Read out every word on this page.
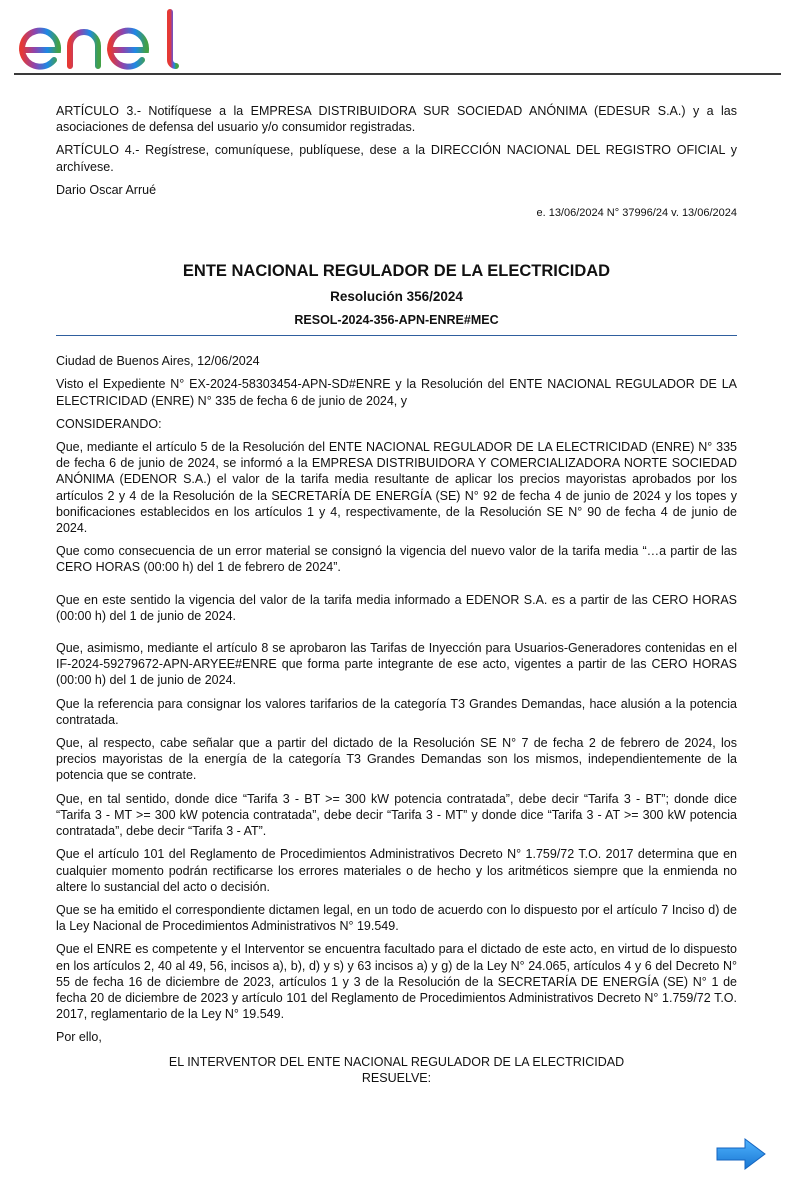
ARTÍCULO 3.- Notifíquese a la EMPRESA DISTRIBUIDORA SUR SOCIEDAD ANÓNIMA (EDESUR S.A.) y a las asociaciones de defensa del usuario y/o consumidor registradas.

ARTÍCULO 4.- Regístrese, comuníquese, publíquese, dese a la DIRECCIÓN NACIONAL DEL REGISTRO OFICIAL y archívese.

Dario Oscar Arrué

e. 13/06/2024 N° 37996/24 v. 13/06/2024

ENTE NACIONAL REGULADOR DE LA ELECTRICIDAD

Resolución 356/2024

RESOL-2024-356-APN-ENRE#MEC

Ciudad de Buenos Aires, 12/06/2024

Visto el Expediente N° EX-2024-58303454-APN-SD#ENRE y la Resolución del ENTE NACIONAL REGULADOR DE LA ELECTRICIDAD (ENRE) N° 335 de fecha 6 de junio de 2024, y

CONSIDERANDO:

Que, mediante el artículo 5 de la Resolución del ENTE NACIONAL REGULADOR DE LA ELECTRICIDAD (ENRE) N° 335 de fecha 6 de junio de 2024, se informó a la EMPRESA DISTRIBUIDORA Y COMERCIALIZADORA NORTE SOCIEDAD ANÓNIMA (EDENOR S.A.) el valor de la tarifa media resultante de aplicar los precios mayoristas aprobados por los artículos 2 y 4 de la Resolución de la SECRETARÍA DE ENERGÍA (SE) N° 92 de fecha 4 de junio de 2024 y los topes y bonificaciones establecidos en los artículos 1 y 4, respectivamente, de la Resolución SE N° 90 de fecha 4 de junio de 2024.

Que como consecuencia de un error material se consignó la vigencia del nuevo valor de la tarifa media “…a partir de las CERO HORAS (00:00 h) del 1 de febrero de 2024”.

Que en este sentido la vigencia del valor de la tarifa media informado a EDENOR S.A. es a partir de las CERO HORAS (00:00 h) del 1 de junio de 2024.

Que, asimismo, mediante el artículo 8 se aprobaron las Tarifas de Inyección para Usuarios-Generadores contenidas en el IF-2024-59279672-APN-ARYEE#ENRE que forma parte integrante de ese acto, vigentes a partir de las CERO HORAS (00:00 h) del 1 de junio de 2024.

Que la referencia para consignar los valores tarifarios de la categoría T3 Grandes Demandas, hace alusión a la potencia contratada.

Que, al respecto, cabe señalar que a partir del dictado de la Resolución SE N° 7 de fecha 2 de febrero de 2024, los precios mayoristas de la energía de la categoría T3 Grandes Demandas son los mismos, independientemente de la potencia que se contrate.

Que, en tal sentido, donde dice “Tarifa 3 - BT >= 300 kW potencia contratada”, debe decir “Tarifa 3 - BT”; donde dice “Tarifa 3 - MT >= 300 kW potencia contratada”, debe decir “Tarifa 3 - MT” y donde dice “Tarifa 3 - AT >= 300 kW potencia contratada”, debe decir “Tarifa 3 - AT”.

Que el artículo 101 del Reglamento de Procedimientos Administrativos Decreto N° 1.759/72 T.O. 2017 determina que en cualquier momento podrán rectificarse los errores materiales o de hecho y los aritméticos siempre que la enmienda no altere lo sustancial del acto o decisión.

Que se ha emitido el correspondiente dictamen legal, en un todo de acuerdo con lo dispuesto por el artículo 7 Inciso d) de la Ley Nacional de Procedimientos Administrativos N° 19.549.

Que el ENRE es competente y el Interventor se encuentra facultado para el dictado de este acto, en virtud de lo dispuesto en los artículos 2, 40 al 49, 56, incisos a), b), d) y s) y 63 incisos a) y g) de la Ley N° 24.065, artículos 4 y 6 del Decreto N° 55 de fecha 16 de diciembre de 2023, artículos 1 y 3 de la Resolución de la SECRETARÍA DE ENERGÍA (SE) N° 1 de fecha 20 de diciembre de 2023 y artículo 101 del Reglamento de Procedimientos Administrativos Decreto N° 1.759/72 T.O. 2017, reglamentario de la Ley N° 19.549.

Por ello,

EL INTERVENTOR DEL ENTE NACIONAL REGULADOR DE LA ELECTRICIDAD
RESUELVE:
